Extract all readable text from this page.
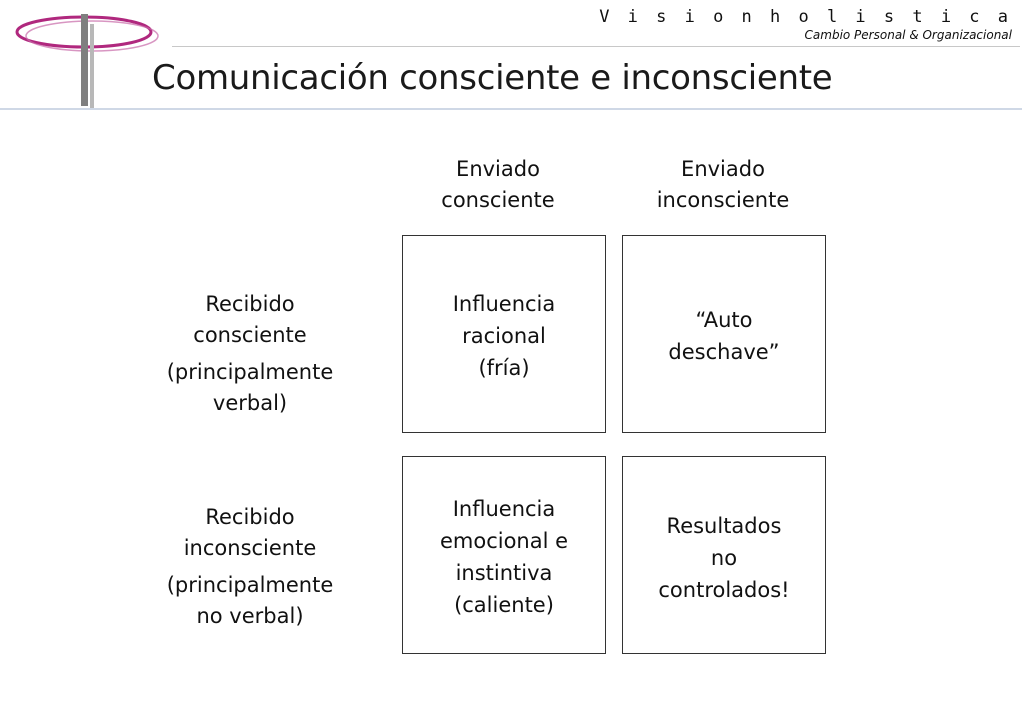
V i s i o n h o l i s t i c a
Cambio Personal & Organizacional
Comunicación consciente e inconsciente
Enviado
consciente
Enviado
inconsciente
Recibido
consciente
(principalmente
verbal)
Recibido
inconsciente
(principalmente
no verbal)
Influencia
racional
(fría)
“Auto
deschave”
Influencia
emocional e
instintiva
(caliente)
Resultados
no
controlados!
